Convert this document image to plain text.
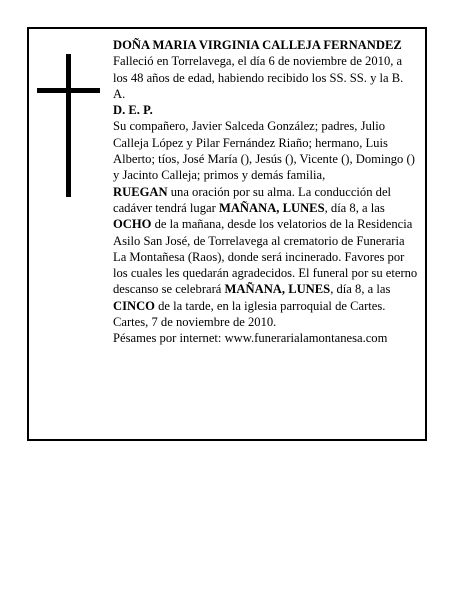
DOÑA MARIA VIRGINIA CALLEJA FERNANDEZ

Falleció en Torrelavega, el día 6 de noviembre de 2010, a los 48 años de edad, habiendo recibido los SS. SS. y la B. A.

D. E. P.

Su compañero, Javier Salceda González; padres, Julio Calleja López y Pilar Fernández Riaño; hermano, Luis Alberto; tíos, José María (), Jesús (), Vicente (), Domingo () y Jacinto Calleja; primos y demás familia,
RUEGAN una oración por su alma. La conducción del cadáver tendrá lugar MAÑANA, LUNES, día 8, a las OCHO de la mañana, desde los velatorios de la Residencia Asilo San José, de Torrelavega al crematorio de Funeraria La Montañesa (Raos), donde será incinerado. Favores por los cuales les quedarán agradecidos. El funeral por su eterno descanso se celebrará MAÑANA, LUNES, día 8, a las CINCO de la tarde, en la iglesia parroquial de Cartes.

Cartes, 7 de noviembre de 2010.

Pésames por internet: www.funerarialamontanesa.com
